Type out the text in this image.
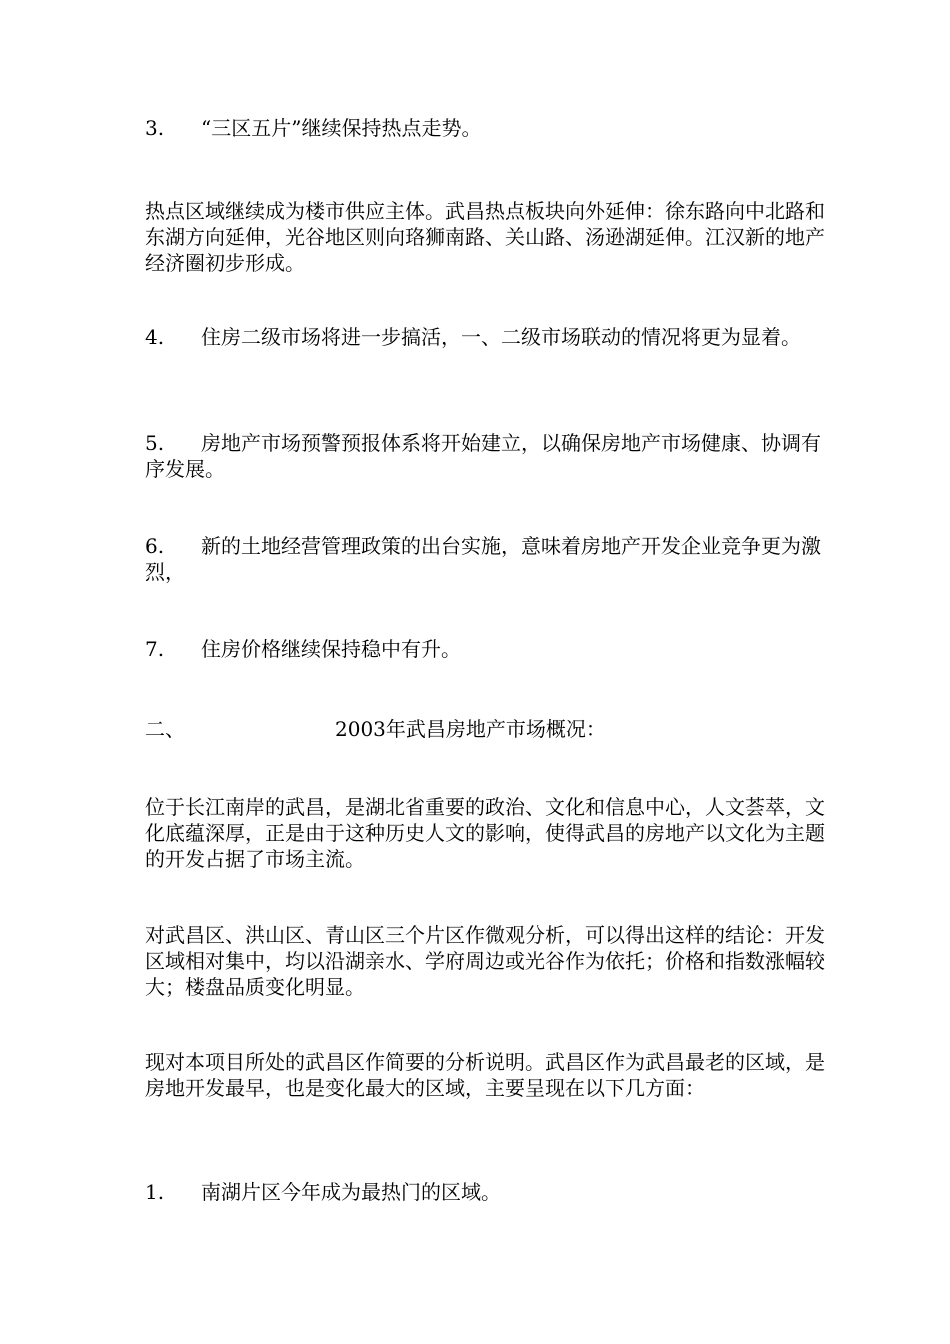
3. “三区五片”继续保持热点走势。

热点区域继续成为楼市供应主体。武昌热点板块向外延伸：徐东路向中北路和东湖方向延伸，光谷地区则向珞狮南路、关山路、汤逊湖延伸。江汉新的地产经济圈初步形成。

4. 住房二级市场将进一步搞活，一、二级市场联动的情况将更为显着。

5. 房地产市场预警预报体系将开始建立，以确保房地产市场健康、协调有序发展。

6. 新的土地经营管理政策的出台实施，意味着房地产开发企业竞争更为激烈，

7. 住房价格继续保持稳中有升。

二、	2003年武昌房地产市场概况：

位于长江南岸的武昌，是湖北省重要的政治、文化和信息中心，人文荟萃，文化底蕴深厚，正是由于这种历史人文的影响，使得武昌的房地产以文化为主题的开发占据了市场主流。

对武昌区、洪山区、青山区三个片区作微观分析，可以得出这样的结论：开发区域相对集中，均以沿湖亲水、学府周边或光谷作为依托；价格和指数涨幅较大；楼盘品质变化明显。

现对本项目所处的武昌区作简要的分析说明。武昌区作为武昌最老的区域，是房地开发最早，也是变化最大的区域，主要呈现在以下几方面：

1. 南湖片区今年成为最热门的区域。
